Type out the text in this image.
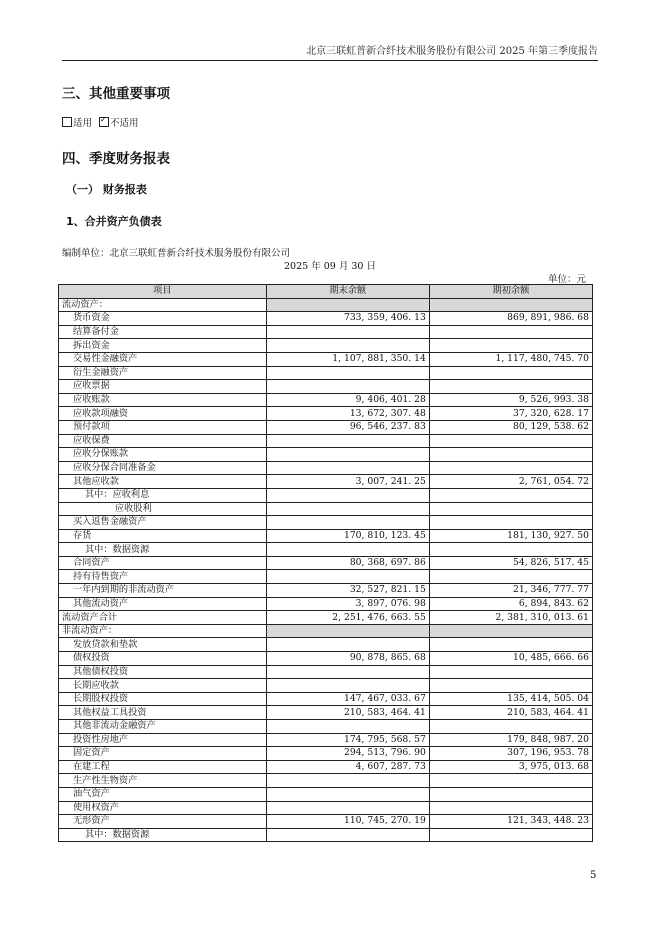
北京三联虹普新合纤技术服务股份有限公司 2025 年第三季度报告
三、其他重要事项
适用 ✓ 不适用
四、季度财务报表
（一） 财务报表
1、合并资产负债表
编制单位：北京三联虹普新合纤技术服务股份有限公司
2025 年 09 月 30 日
单位：元
项目	期末余额	期初余额
流动资产：		
货币资金	733, 359, 406. 13	869, 891, 986. 68
结算备付金		
拆出资金		
交易性金融资产	1, 107, 881, 350. 14	1, 117, 480, 745. 70
衍生金融资产		
应收票据		
应收账款	9, 406, 401. 28	9, 526, 993. 38
应收款项融资	13, 672, 307. 48	37, 320, 628. 17
预付款项	96, 546, 237. 83	80, 129, 538. 62
应收保费		
应收分保账款		
应收分保合同准备金		
其他应收款	3, 007, 241. 25	2, 761, 054. 72
其中：应收利息		
应收股利		
买入返售金融资产		
存货	170, 810, 123. 45	181, 130, 927. 50
其中：数据资源		
合同资产	80, 368, 697. 86	54, 826, 517. 45
持有待售资产		
一年内到期的非流动资产	32, 527, 821. 15	21, 346, 777. 77
其他流动资产	3, 897, 076. 98	6, 894, 843. 62
流动资产合计	2, 251, 476, 663. 55	2, 381, 310, 013. 61
非流动资产：		
发放贷款和垫款		
债权投资	90, 878, 865. 68	10, 485, 666. 66
其他债权投资		
长期应收款		
长期股权投资	147, 467, 033. 67	135, 414, 505. 04
其他权益工具投资	210, 583, 464. 41	210, 583, 464. 41
其他非流动金融资产		
投资性房地产	174, 795, 568. 57	179, 848, 987. 20
固定资产	294, 513, 796. 90	307, 196, 953. 78
在建工程	4, 607, 287. 73	3, 975, 013. 68
生产性生物资产		
油气资产		
使用权资产		
无形资产	110, 745, 270. 19	121, 343, 448. 23
其中：数据资源		
5
